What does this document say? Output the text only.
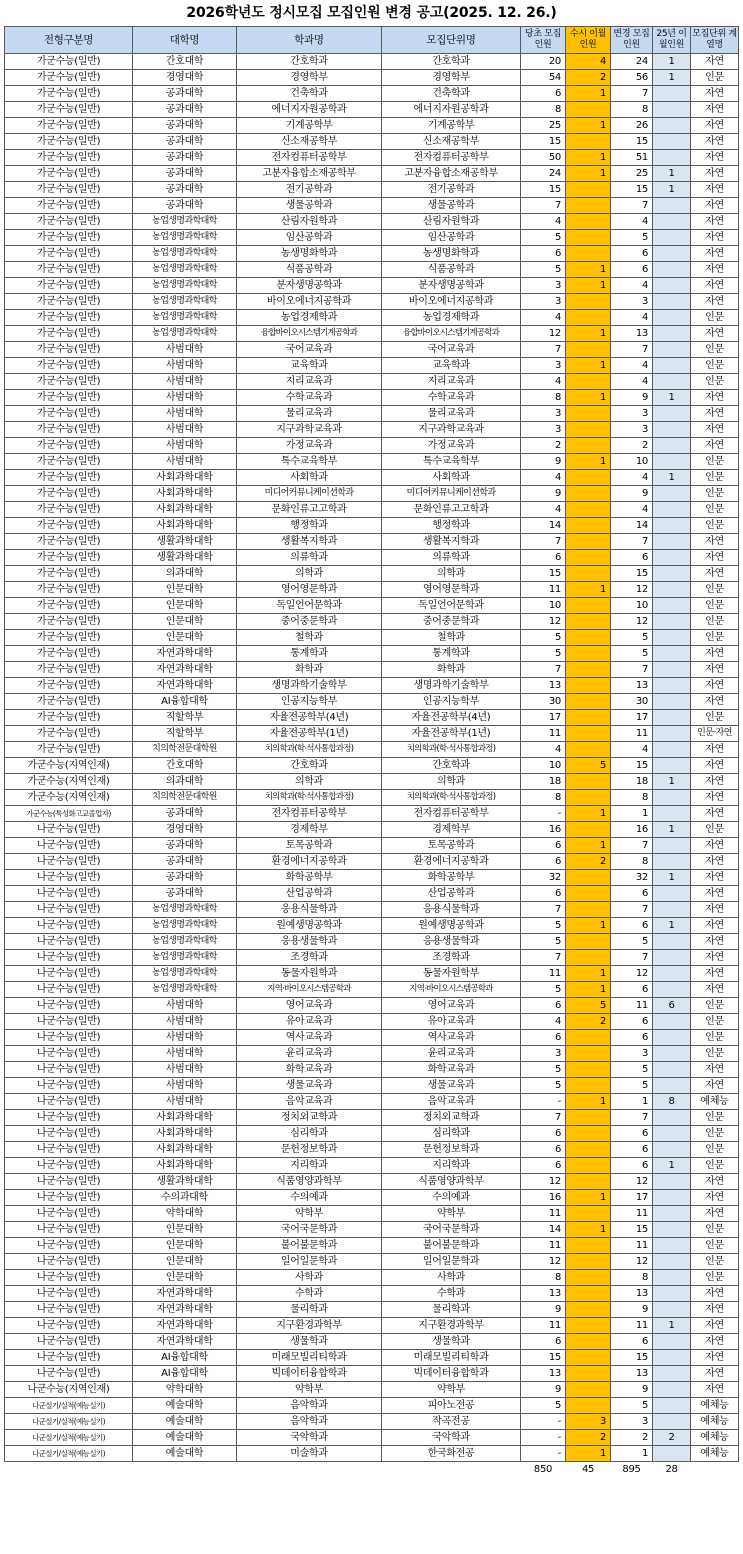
2026학년도 정시모집 모집인원 변경 공고(2025. 12. 26.)
전형구분명	대학명	학과명	모집단위명	당초 모집인원	수시 이월인원	변경 모집인원	25년 이 월인원	모집단위 계열명
가군수능(일반)	간호대학	간호학과	간호학과	20	4	24	1	자연
가군수능(일반)	경영대학	경영학부	경영학부	54	2	56	1	인문
가군수능(일반)	공과대학	건축학과	건축학과	6	1	7		자연
가군수능(일반)	공과대학	에너지자원공학과	에너지자원공학과	8		8		자연
가군수능(일반)	공과대학	기계공학부	기계공학부	25	1	26		자연
가군수능(일반)	공과대학	신소재공학부	신소재공학부	15		15		자연
가군수능(일반)	공과대학	전자컴퓨터공학부	전자컴퓨터공학부	50	1	51		자연
가군수능(일반)	공과대학	고분자융합소재공학부	고분자융합소재공학부	24	1	25	1	자연
가군수능(일반)	공과대학	전기공학과	전기공학과	15		15	1	자연
가군수능(일반)	공과대학	생물공학과	생물공학과	7		7		자연
가군수능(일반)	농업생명과학대학	산림자원학과	산림자원학과	4		4		자연
가군수능(일반)	농업생명과학대학	임산공학과	임산공학과	5		5		자연
가군수능(일반)	농업생명과학대학	농생명화학과	농생명화학과	6		6		자연
가군수능(일반)	농업생명과학대학	식품공학과	식품공학과	5	1	6		자연
가군수능(일반)	농업생명과학대학	분자생명공학과	분자생명공학과	3	1	4		자연
가군수능(일반)	농업생명과학대학	바이오에너지공학과	바이오에너지공학과	3		3		자연
가군수능(일반)	농업생명과학대학	농업경제학과	농업경제학과	4		4		인문
가군수능(일반)	농업생명과학대학	융합바이오시스템기계공학과	융합바이오시스템기계공학과	12	1	13		자연
가군수능(일반)	사범대학	국어교육과	국어교육과	7		7		인문
가군수능(일반)	사범대학	교육학과	교육학과	3	1	4		인문
가군수능(일반)	사범대학	지리교육과	지리교육과	4		4		인문
가군수능(일반)	사범대학	수학교육과	수학교육과	8	1	9	1	자연
가군수능(일반)	사범대학	물리교육과	물리교육과	3		3		자연
가군수능(일반)	사범대학	지구과학교육과	지구과학교육과	3		3		자연
가군수능(일반)	사범대학	가정교육과	가정교육과	2		2		자연
가군수능(일반)	사범대학	특수교육학부	특수교육학부	9	1	10		인문
가군수능(일반)	사회과학대학	사회학과	사회학과	4		4	1	인문
가군수능(일반)	사회과학대학	미디어커뮤니케이션학과	미디어커뮤니케이션학과	9		9		인문
가군수능(일반)	사회과학대학	문화인류고고학과	문화인류고고학과	4		4		인문
가군수능(일반)	사회과학대학	행정학과	행정학과	14		14		인문
가군수능(일반)	생활과학대학	생활복지학과	생활복지학과	7		7		자연
가군수능(일반)	생활과학대학	의류학과	의류학과	6		6		자연
가군수능(일반)	의과대학	의학과	의학과	15		15		자연
가군수능(일반)	인문대학	영어영문학과	영어영문학과	11	1	12		인문
가군수능(일반)	인문대학	독일언어문학과	독일언어문학과	10		10		인문
가군수능(일반)	인문대학	중어중문학과	중어중문학과	12		12		인문
가군수능(일반)	인문대학	철학과	철학과	5		5		인문
가군수능(일반)	자연과학대학	통계학과	통계학과	5		5		자연
가군수능(일반)	자연과학대학	화학과	화학과	7		7		자연
가군수능(일반)	자연과학대학	생명과학기술학부	생명과학기술학부	13		13		자연
가군수능(일반)	AI융합대학	인공지능학부	인공지능학부	30		30		자연
가군수능(일반)	직할학부	자율전공학부(4년)	자율전공학부(4년)	17		17		인문
가군수능(일반)	직할학부	자율전공학부(1년)	자율전공학부(1년)	11		11		인문·자연
가군수능(일반)	치의학전문대학원	치의학과(학·석사통합과정)	치의학과(학·석사통합과정)	4		4		자연
가군수능(지역인재)	간호대학	간호학과	간호학과	10	5	15		자연
가군수능(지역인재)	의과대학	의학과	의학과	18		18	1	자연
가군수능(지역인재)	치의학전문대학원	치의학과(학·석사통합과정)	치의학과(학·석사통합과정)	8		8		자연
가군수능(특성화고교졸업자)	공과대학	전자컴퓨터공학부	전자컴퓨터공학부	-	1	1		자연
나군수능(일반)	경영대학	경제학부	경제학부	16		16	1	인문
나군수능(일반)	공과대학	토목공학과	토목공학과	6	1	7		자연
나군수능(일반)	공과대학	환경에너지공학과	환경에너지공학과	6	2	8		자연
나군수능(일반)	공과대학	화학공학부	화학공학부	32		32	1	자연
나군수능(일반)	공과대학	산업공학과	산업공학과	6		6		자연
나군수능(일반)	농업생명과학대학	응용식물학과	응용식물학과	7		7		자연
나군수능(일반)	농업생명과학대학	원예생명공학과	원예생명공학과	5	1	6	1	자연
나군수능(일반)	농업생명과학대학	응용생물학과	응용생물학과	5		5		자연
나군수능(일반)	농업생명과학대학	조경학과	조경학과	7		7		자연
나군수능(일반)	농업생명과학대학	동물자원학과	동물자원학부	11	1	12		자연
나군수능(일반)	농업생명과학대학	지역·바이오시스템공학과	지역·바이오시스템공학과	5	1	6		자연
나군수능(일반)	사범대학	영어교육과	영어교육과	6	5	11	6	인문
나군수능(일반)	사범대학	유아교육과	유아교육과	4	2	6		인문
나군수능(일반)	사범대학	역사교육과	역사교육과	6		6		인문
나군수능(일반)	사범대학	윤리교육과	윤리교육과	3		3		인문
나군수능(일반)	사범대학	화학교육과	화학교육과	5		5		자연
나군수능(일반)	사범대학	생물교육과	생물교육과	5		5		자연
나군수능(일반)	사범대학	음악교육과	음악교육과	-	1	1	8	예체능
나군수능(일반)	사회과학대학	정치외교학과	정치외교학과	7		7		인문
나군수능(일반)	사회과학대학	심리학과	심리학과	6		6		인문
나군수능(일반)	사회과학대학	문헌정보학과	문헌정보학과	6		6		인문
나군수능(일반)	사회과학대학	지리학과	지리학과	6		6	1	인문
나군수능(일반)	생활과학대학	식품영양과학부	식품영양과학부	12		12		자연
나군수능(일반)	수의과대학	수의예과	수의예과	16	1	17		자연
나군수능(일반)	약학대학	약학부	약학부	11		11		자연
나군수능(일반)	인문대학	국어국문학과	국어국문학과	14	1	15		인문
나군수능(일반)	인문대학	불어불문학과	불어불문학과	11		11		인문
나군수능(일반)	인문대학	일어일문학과	일어일문학과	12		12		인문
나군수능(일반)	인문대학	사학과	사학과	8		8		인문
나군수능(일반)	자연과학대학	수학과	수학과	13		13		자연
나군수능(일반)	자연과학대학	물리학과	물리학과	9		9		자연
나군수능(일반)	자연과학대학	지구환경과학부	지구환경과학부	11		11	1	자연
나군수능(일반)	자연과학대학	생물학과	생물학과	6		6		자연
나군수능(일반)	AI융합대학	미래모빌리티학과	미래모빌리티학과	15		15		자연
나군수능(일반)	AI융합대학	빅데이터융합학과	빅데이터융합학과	13		13		자연
나군수능(지역인재)	약학대학	약학부	약학부	9		9		자연
나군실기/실적(예능실기)	예술대학	음악학과	피아노전공	5		5		예체능
나군실기/실적(예능실기)	예술대학	음악학과	작곡전공	-	3	3		예체능
나군실기/실적(예능실기)	예술대학	국악학과	국악학과	-	2	2	2	예체능
나군실기/실적(예능실기)	예술대학	미술학과	한국화전공	-	1	1		예체능
				850	45	895	28	
